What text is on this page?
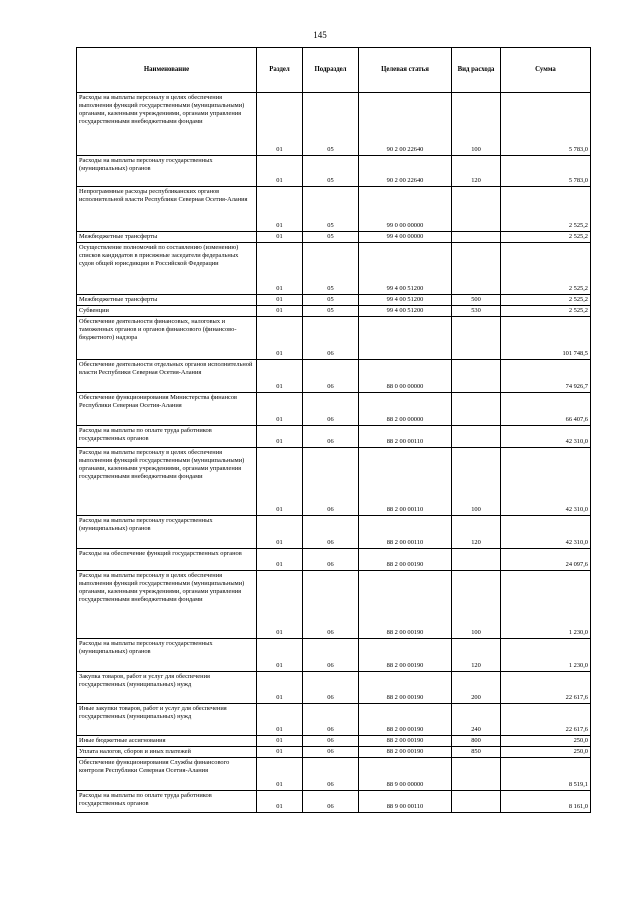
145
Наименование	Раздел	Подраздел	Целевая статья	Вид расхода	Сумма
Расходы на выплаты персоналу в целях обеспечения выполнения функций государственными (муниципальными) органами, казенными учреждениями, органами управления государственными внебюджетными фондами	01	05	90 2 00 22640	100	5 783,0
Расходы на выплаты персоналу государственных (муниципальных) органов	01	05	90 2 00 22640	120	5 783,0
Непрограммные расходы республиканских органов исполнительной власти Республики Северная Осетия-Алания	01	05	99 0 00 00000		2 525,2
Межбюджетные трансферты	01	05	99 4 00 00000		2 525,2
Осуществление полномочий по составлению (изменению) списков кандидатов в присяжные заседатели федеральных судов общей юрисдикции в Российской Федерации	01	05	99 4 00 51200		2 525,2
Межбюджетные трансферты	01	05	99 4 00 51200	500	2 525,2
Субвенции	01	05	99 4 00 51200	530	2 525,2
Обеспечение деятельности финансовых, налоговых и таможенных органов и органов финансового (финансово-бюджетного) надзора	01	06			101 748,5
Обеспечение деятельности отдельных органов исполнительной власти Республики Северная Осетия-Алания	01	06	88 0 00 00000		74 926,7
Обеспечение функционирования Министерства финансов Республики Северная Осетия-Алания	01	06	88 2 00 00000		66 407,6
Расходы на выплаты по оплате труда работников государственных органов	01	06	88 2 00 00110		42 310,0
Расходы на выплаты персоналу в целях обеспечения выполнения функций государственными (муниципальными) органами, казенными учреждениями, органами управления государственными внебюджетными фондами	01	06	88 2 00 00110	100	42 310,0
Расходы на выплаты персоналу государственных (муниципальных) органов	01	06	88 2 00 00110	120	42 310,0
Расходы на обеспечение функций государственных органов	01	06	88 2 00 00190		24 097,6
Расходы на выплаты персоналу в целях обеспечения выполнения функций государственными (муниципальными) органами, казенными учреждениями, органами управления государственными внебюджетными фондами	01	06	88 2 00 00190	100	1 230,0
Расходы на выплаты персоналу государственных (муниципальных) органов	01	06	88 2 00 00190	120	1 230,0
Закупка товаров, работ и услуг для обеспечения государственных (муниципальных) нужд	01	06	88 2 00 00190	200	22 617,6
Иные закупки товаров, работ и услуг для обеспечения государственных (муниципальных) нужд	01	06	88 2 00 00190	240	22 617,6
Иные бюджетные ассигнования	01	06	88 2 00 00190	800	250,0
Уплата налогов, сборов и иных платежей	01	06	88 2 00 00190	850	250,0
Обеспечение функционирования Службы финансового контроля Республики Северная Осетия-Алания	01	06	88 9 00 00000		8 519,1
Расходы на выплаты по оплате труда работников государственных органов	01	06	88 9 00 00110		8 161,0
